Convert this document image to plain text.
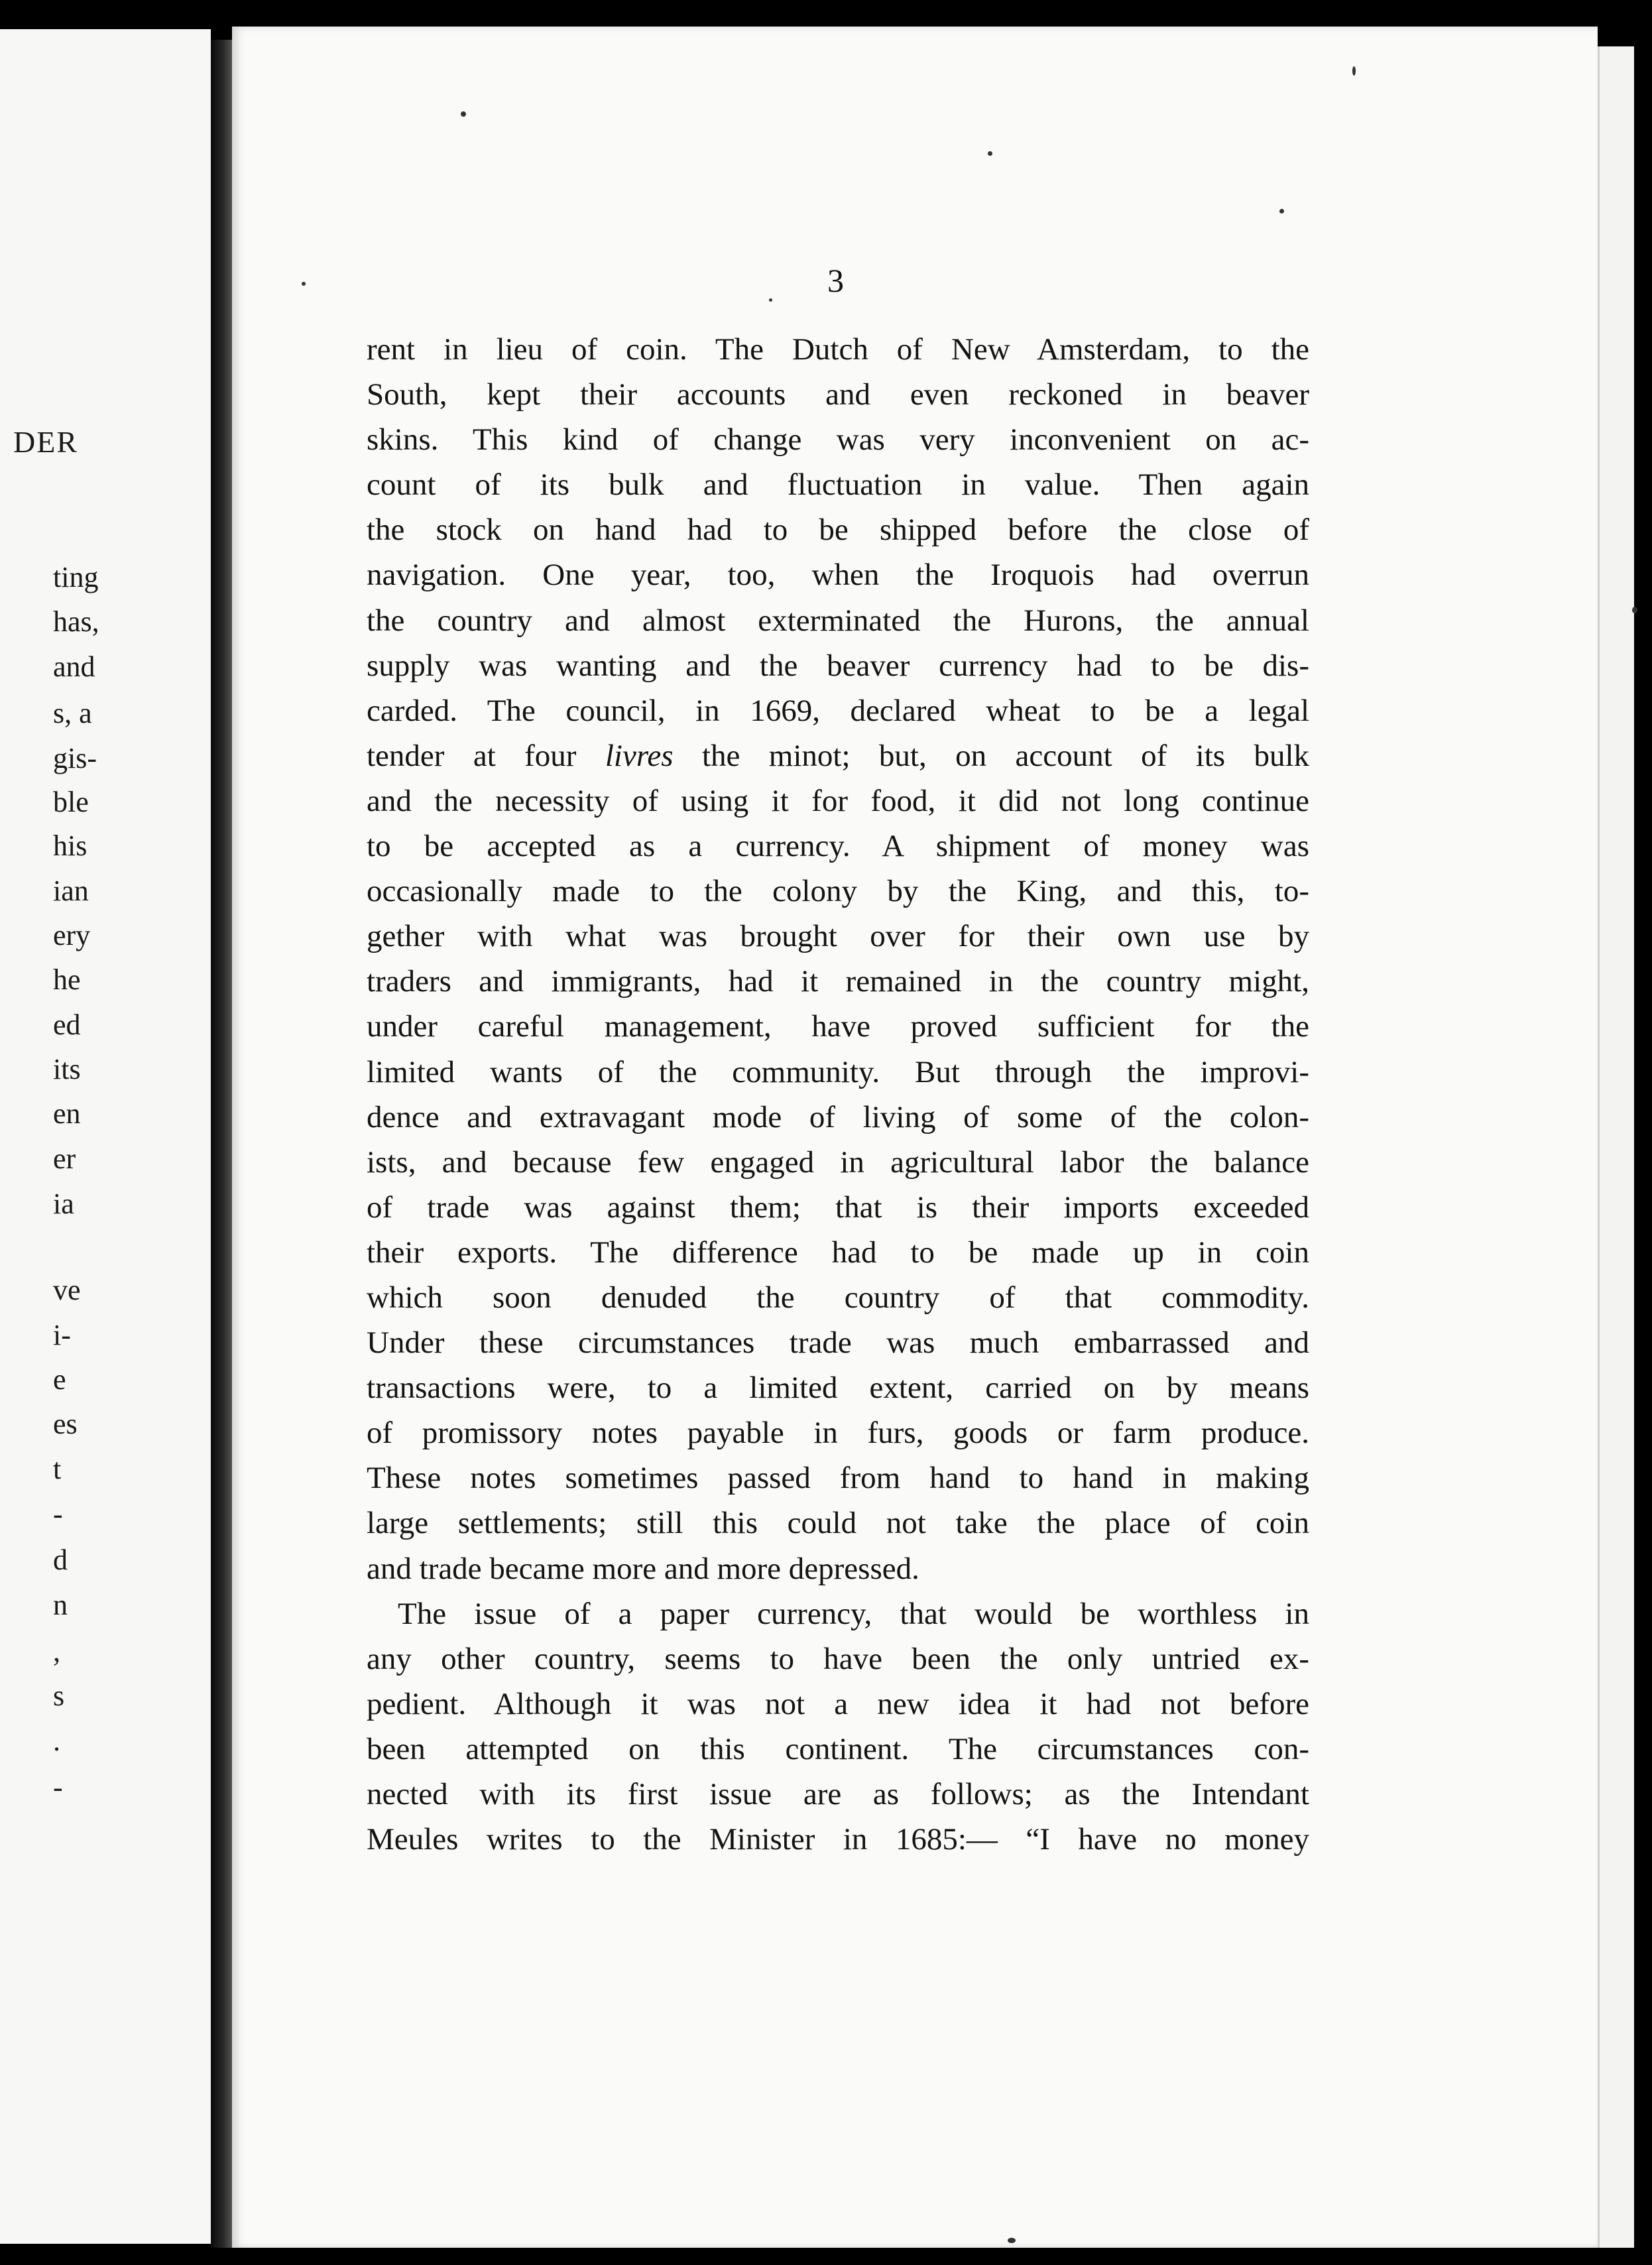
DER
ting
has,
and
s, a
gis-
ble
his
ian
ery
he
ed
its
en
er
ia
ve
i-
e
es
t
-
d
n
,
s
.
-
3
rent in lieu of coin. The Dutch of New Amsterdam, to the
South, kept their accounts and even reckoned in beaver
skins. This kind of change was very inconvenient on ac-
count of its bulk and fluctuation in value. Then again
the stock on hand had to be shipped before the close of
navigation. One year, too, when the Iroquois had overrun
the country and almost exterminated the Hurons, the annual
supply was wanting and the beaver currency had to be dis-
carded. The council, in 1669, declared wheat to be a legal
tender at four livres the minot; but, on account of its bulk
and the necessity of using it for food, it did not long continue
to be accepted as a currency. A shipment of money was
occasionally made to the colony by the King, and this, to-
gether with what was brought over for their own use by
traders and immigrants, had it remained in the country might,
under careful management, have proved sufficient for the
limited wants of the community. But through the improvi-
dence and extravagant mode of living of some of the colon-
ists, and because few engaged in agricultural labor the balance
of trade was against them; that is their imports exceeded
their exports. The difference had to be made up in coin
which soon denuded the country of that commodity.
Under these circumstances trade was much embarrassed and
transactions were, to a limited extent, carried on by means
of promissory notes payable in furs, goods or farm produce.
These notes sometimes passed from hand to hand in making
large settlements; still this could not take the place of coin
and trade became more and more depressed.
The issue of a paper currency, that would be worthless in
any other country, seems to have been the only untried ex-
pedient. Although it was not a new idea it had not before
been attempted on this continent. The circumstances con-
nected with its first issue are as follows; as the Intendant
Meules writes to the Minister in 1685:— “I have no money
